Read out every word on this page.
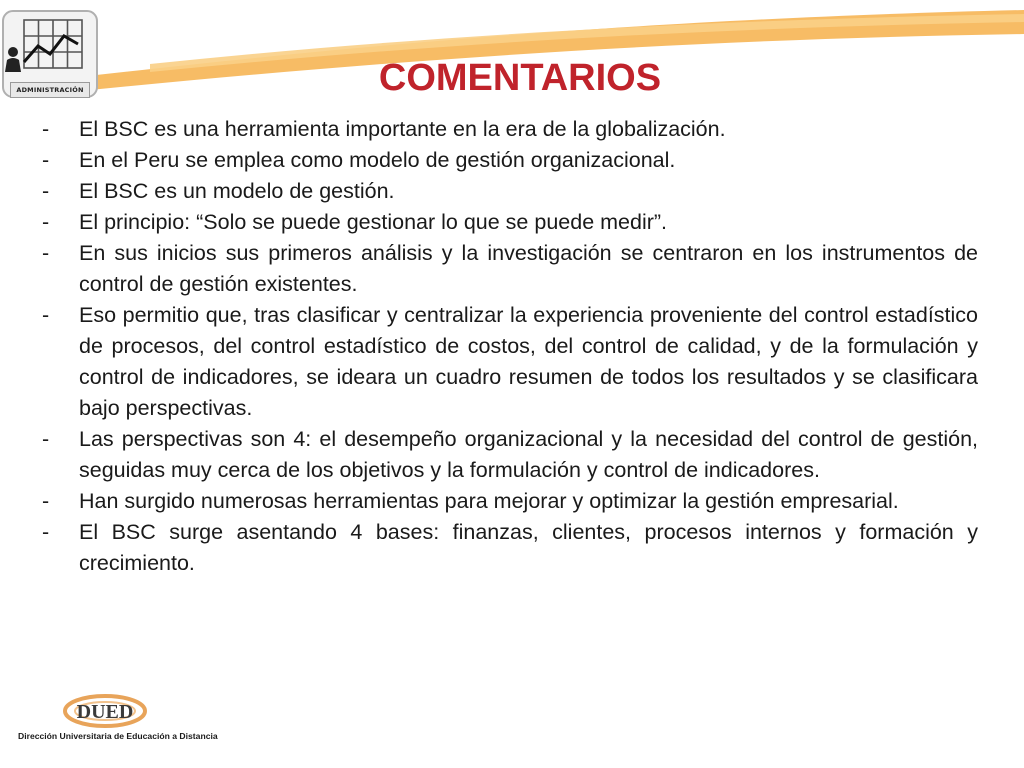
ADMINISTRACIÓN	COMENTARIOS
- El BSC es una herramienta importante en la era de la globalización.
- En el Peru se emplea como modelo de gestión organizacional.
- El BSC es un modelo de gestión.
- El principio: “Solo se puede gestionar lo que se puede medir”.
- En sus inicios sus primeros análisis y la investigación se centraron en los instrumentos de control de gestión existentes.
- Eso permitio que, tras clasificar y centralizar la experiencia proveniente del control estadístico de procesos, del control estadístico de costos, del control de calidad, y de la formulación y control de indicadores, se ideara un cuadro resumen de todos los resultados y se clasificara bajo perspectivas.
- Las perspectivas son 4: el desempeño organizacional y la necesidad del control de gestión, seguidas muy cerca de los objetivos y la formulación y control de indicadores.
- Han surgido numerosas herramientas para mejorar y optimizar la gestión empresarial.
- El BSC surge asentando 4 bases: finanzas, clientes, procesos internos y formación y crecimiento.
DUED
Dirección Universitaria de Educación a Distancia
